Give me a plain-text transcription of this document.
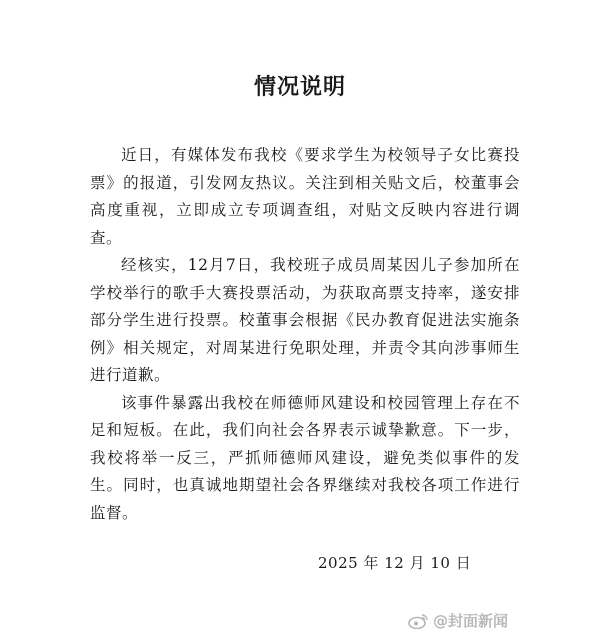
情况说明

近日，有媒体发布我校《要求学生为校领导子女比赛投票》的报道，引发网友热议。关注到相关贴文后，校董事会高度重视，立即成立专项调查组，对贴文反映内容进行调查。

经核实，12月7日，我校班子成员周某因儿子参加所在学校举行的歌手大赛投票活动，为获取高票支持率，遂安排部分学生进行投票。校董事会根据《民办教育促进法实施条例》相关规定，对周某进行免职处理，并责令其向涉事师生进行道歉。

该事件暴露出我校在师德师风建设和校园管理上存在不足和短板。在此，我们向社会各界表示诚挚歉意。下一步，我校将举一反三，严抓师德师风建设，避免类似事件的发生。同时，也真诚地期望社会各界继续对我校各项工作进行监督。

2025 年 12 月 10 日
@封面新闻
